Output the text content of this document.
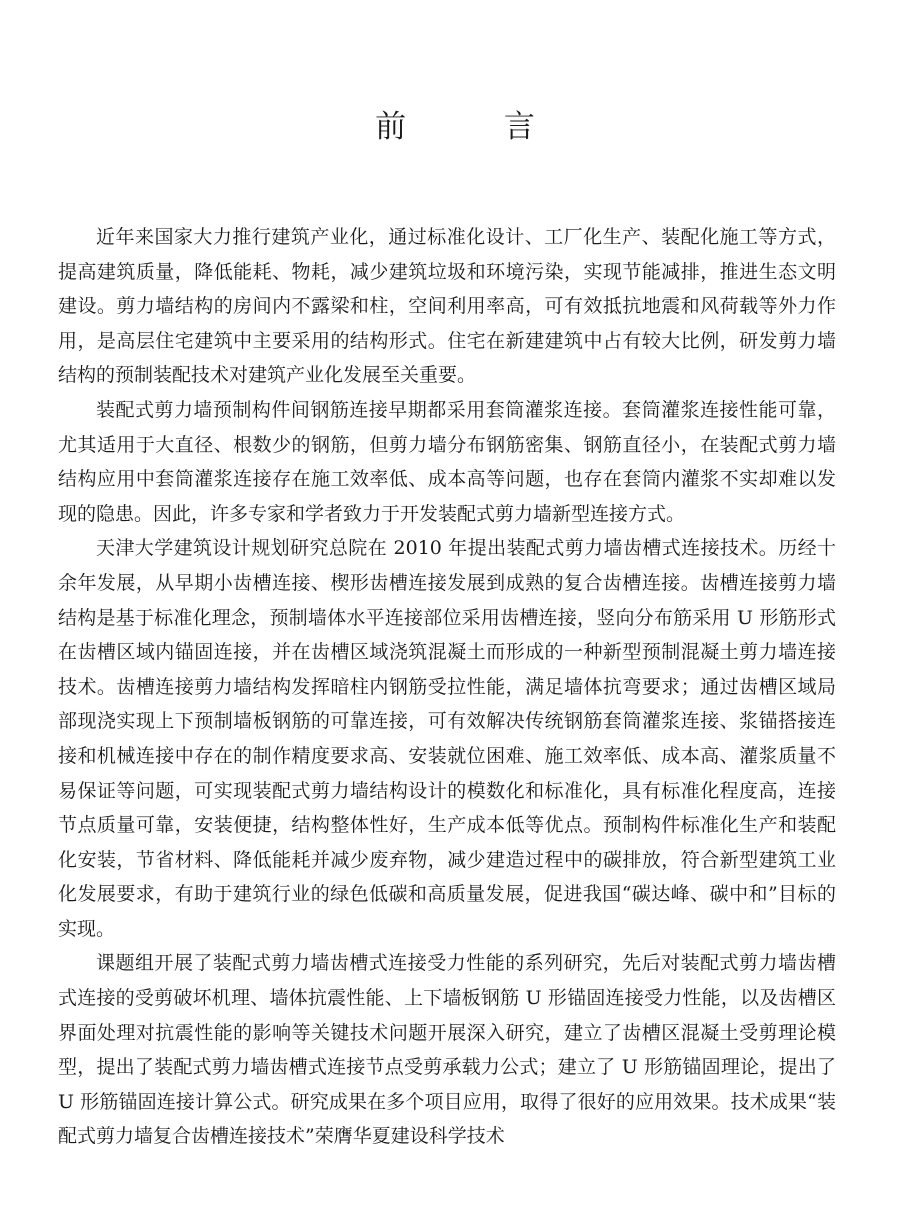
前 言

近年来国家大力推行建筑产业化，通过标准化设计、工厂化生产、装配化施工等方式，提高建筑质量，降低能耗、物耗，减少建筑垃圾和环境污染，实现节能减排，推进生态文明建设。剪力墙结构的房间内不露梁和柱，空间利用率高，可有效抵抗地震和风荷载等外力作用，是高层住宅建筑中主要采用的结构形式。住宅在新建建筑中占有较大比例，研发剪力墙结构的预制装配技术对建筑产业化发展至关重要。

装配式剪力墙预制构件间钢筋连接早期都采用套筒灌浆连接。套筒灌浆连接性能可靠，尤其适用于大直径、根数少的钢筋，但剪力墙分布钢筋密集、钢筋直径小，在装配式剪力墙结构应用中套筒灌浆连接存在施工效率低、成本高等问题，也存在套筒内灌浆不实却难以发现的隐患。因此，许多专家和学者致力于开发装配式剪力墙新型连接方式。

天津大学建筑设计规划研究总院在 2010 年提出装配式剪力墙齿槽式连接技术。历经十余年发展，从早期小齿槽连接、楔形齿槽连接发展到成熟的复合齿槽连接。齿槽连接剪力墙结构是基于标准化理念，预制墙体水平连接部位采用齿槽连接，竖向分布筋采用 U 形筋形式在齿槽区域内锚固连接，并在齿槽区域浇筑混凝土而形成的一种新型预制混凝土剪力墙连接技术。齿槽连接剪力墙结构发挥暗柱内钢筋受拉性能，满足墙体抗弯要求；通过齿槽区域局部现浇实现上下预制墙板钢筋的可靠连接，可有效解决传统钢筋套筒灌浆连接、浆锚搭接连接和机械连接中存在的制作精度要求高、安装就位困难、施工效率低、成本高、灌浆质量不易保证等问题，可实现装配式剪力墙结构设计的模数化和标准化，具有标准化程度高，连接节点质量可靠，安装便捷，结构整体性好，生产成本低等优点。预制构件标准化生产和装配化安装，节省材料、降低能耗并减少废弃物，减少建造过程中的碳排放，符合新型建筑工业化发展要求，有助于建筑行业的绿色低碳和高质量发展，促进我国“碳达峰、碳中和”目标的实现。

课题组开展了装配式剪力墙齿槽式连接受力性能的系列研究，先后对装配式剪力墙齿槽式连接的受剪破坏机理、墙体抗震性能、上下墙板钢筋 U 形锚固连接受力性能，以及齿槽区界面处理对抗震性能的影响等关键技术问题开展深入研究，建立了齿槽区混凝土受剪理论模型，提出了装配式剪力墙齿槽式连接节点受剪承载力公式；建立了 U 形筋锚固理论，提出了 U 形筋锚固连接计算公式。研究成果在多个项目应用，取得了很好的应用效果。技术成果“装配式剪力墙复合齿槽连接技术”荣膺华夏建设科学技术
